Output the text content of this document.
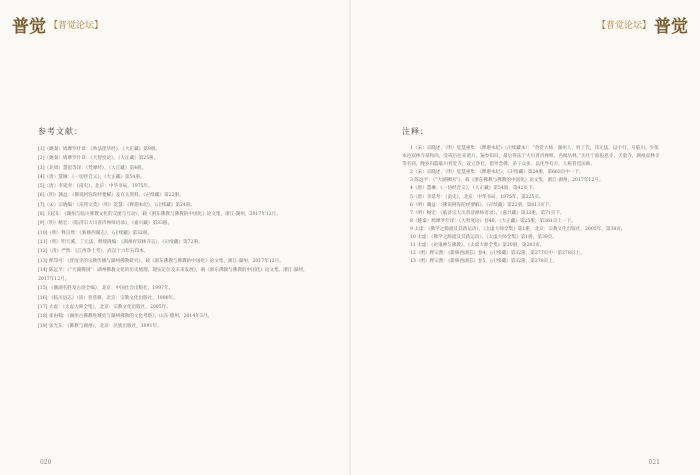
普觉 【普觉论坛】	【普觉论坛】 普觉
参考文献：
[1]（姚秦）鸠摩罗什译：《妙法莲华经》，《大正藏》第9册。
[2]（姚秦）鸠摩罗什译：《大智度论》，《大正藏》第25册。
[3]（北周）慧思等译：《梵摩经》，《大正藏》第4册。
[4]（唐）慧琳：《一切经音义》，《大正藏》第54册。
[5]（唐）李延寿：《南史》，北京：中华书局，1975年。
[6]（明）蕅益：《佛说阿弥陀经要解》及有关资料，《卍续藏》第22册。
[7]（宋）宗晓编：《乐邦文类》（明）觉慧：《释迦本纪》，《卍续藏》第24册。
[8] 王起东：《湖州与临川佛教文化的交流与互动》，载《浙东佛教与佛教的中国化》论文集，浙江·湖州，2017年12月。
[9]（明）畅宏：《临济宗大川普济禅师语录》，《嘉兴藏》第33册。
[10]（明）释宗然：《新修西湖志》，《卍续藏》第32册。
[11]（明）明天溪、丁元法、释瑞隆编：《湖州府双林寺志》，《卍续藏》第72册。
[12]（清）严然：《江西净土考》，武汉十六年石印本。
[13] 释印可：《普度寺的宗教传播与湖州佛教研究》，载《浙东佛教与佛教的中国化》论文集，浙江·湖州，2017年12月。
[14] 陈远平：《“大湖佛国”：湖州佛教文化的历史梳理、现实定位及未来发展》，载《浙东佛教与佛教的中国化》论文集，浙江·湖州，2017年12月。
[15] 《潮湖名胜及古迹全编》，北京：中国社会出版社，1997年。
[16] 《临川县志》（清）普慈修，北京：宗教文化出版社，1990年。
[17] 太虚：《太虚大师全集》，北京：宗教文化出版社，2005年。
[18] 张由翰：《湖州古佛教进城史与湖州佛教的文化考察》，山东·德州，2014年3月。
[19] 张光东：《佛教与湖州》，北京：民族出版社，1991年。
注释：
1（宋）宗晓述，（明）觉慧重集：《释迦本纪》（卍续藏本）：“普觉大师，湖州人，姓丁氏，讳元法，以字行，号临川。少依本邑双林寺某和尚，受戒后往来诸方，遍参知识，最后得法于大川普济禅师，名闻丛林。”历住宁波报恩寺、天童寺、湖州双林寺等名刹，晚岁归隐临川普觉寺，设立净社，倡导念佛，弟子众多，以化导有方，人称普觉法师。
2（宋）宗晓述，（明）觉慧重集：《释迦本纪》，《卍续藏》第24册，第663页中一下。
3 陈远平：《“大湖佛国”》，载《浙东佛教与佛教的中国化》论文集，浙江·湖州，2017年12月。
4（唐）慧琳：《一切经音义》，《大正藏》第54册，第42页下。
5（唐）李延寿：《南史》，北京：中华书局，1975年，第225页。
6（明）蕅益：《佛说阿弥陀经要解》，《卍续藏》第22册，第813页下。
7（明）畅宏：《临济宗大川普济禅师语录》，《嘉兴藏》第33册，第71页下。
8（姚秦）鸠摩罗什译：《大智度论》卷40，《大正藏》第25册，第361页上一下。
9 太虚：《佛学之源流及其新运动》，《太虚大师全集》第1册，北京：宗教文化出版社，2005年，第38页。
10 太虚：《佛学之源流及其新运动》，《太虚大师全集》第1册，第39页。
11 太虚：《论鬼神与佛教》，《太虚大师全集》第20册，第283页。
12（明）释宗然：《新修西湖志》卷4，《卍续藏》第32册，第277页中一第278页上。
13（明）释宗然：《新修西湖志》卷5，《卍续藏》第32册，第278页上。
020	021
